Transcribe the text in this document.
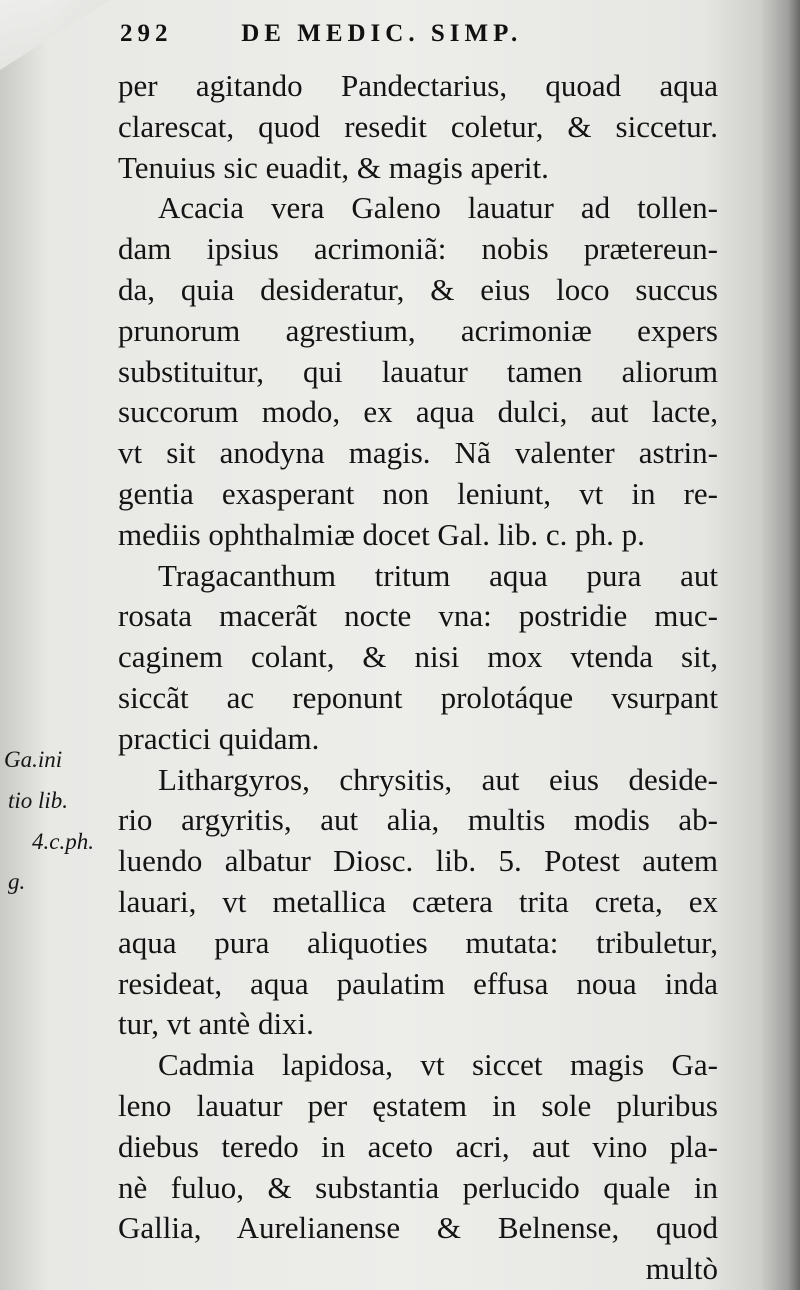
292	DE MEDIC. SIMP.
Ga.ini
tio lib.
4.c.ph.
g.
per agitando Pandectarius, quoad aqua
clarescat, quod resedit coletur, & siccetur.
Tenuius sic euadit, & magis aperit.
Acacia vera Galeno lauatur ad tollen-
dam ipsius acrimoniã: nobis prætereun-
da, quia desideratur, & eius loco succus
prunorum agrestium, acrimoniæ expers
substituitur, qui lauatur tamen aliorum
succorum modo, ex aqua dulci, aut lacte,
vt sit anodyna magis. Nã valenter astrin-
gentia exasperant non leniunt, vt in re-
mediis ophthalmiæ docet Gal. lib. c. ph. p.
Tragacanthum tritum aqua pura aut
rosata macerãt nocte vna: postridie muc-
caginem colant, & nisi mox vtenda sit,
siccãt ac reponunt prolotáque vsurpant
practici quidam.
Lithargyros, chrysitis, aut eius deside-
rio argyritis, aut alia, multis modis ab-
luendo albatur Diosc. lib. 5. Potest autem
lauari, vt metallica cætera trita creta, ex
aqua pura aliquoties mutata: tribuletur,
resideat, aqua paulatim effusa noua inda
tur, vt antè dixi.
Cadmia lapidosa, vt siccet magis Ga-
leno lauatur per ęstatem in sole pluribus
diebus teredo in aceto acri, aut vino pla-
nè fuluo, & substantia perlucido quale in
Gallia, Aurelianense & Belnense, quod
multò
